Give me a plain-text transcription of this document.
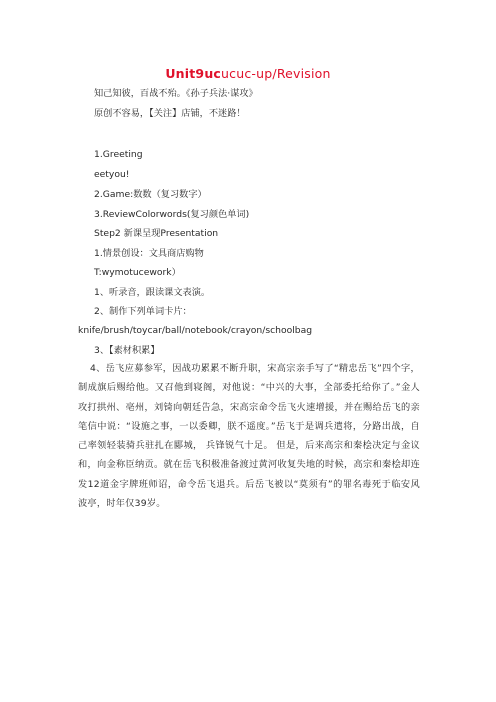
Unit9ucucuc-up/Revision
知己知彼，百战不殆。《孙子兵法·谋攻》
原创不容易，【关注】店铺，不迷路！
1.Greeting
eetyou!
2.Game:数数（复习数字）
3.ReviewColorwords(复习颜色单词)
Step2 新课呈现Presentation
1.情景创设：文具商店购物
T:wymotucework）
1、听录音，跟读课文表演。
2、制作下列单词卡片：
knife/brush/toycar/ball/notebook/crayon/schoolbag
3、【素材积累】
4、岳飞应募参军，因战功累累不断升职，宋高宗亲手写了“精忠岳飞”四个字，制成旗后赐给他。又召他到寝阁，对他说：“中兴的大事，全部委托给你了。”金人攻打拱州、亳州，刘锜向朝廷告急，宋高宗命令岳飞火速增援，并在赐给岳飞的亲笔信中说：“设施之事，一以委卿，朕不遥度。”岳飞于是调兵遣将，分路出战，自己率领轻装骑兵驻扎在郾城， 兵锋锐气十足。 但是，后来高宗和秦桧决定与金议和，向金称臣纳贡。就在岳飞积极准备渡过黄河收复失地的时候，高宗和秦桧却连发12道金字牌班师诏，命令岳飞退兵。后岳飞被以“莫须有”的罪名毒死于临安风波亭，时年仅39岁。
